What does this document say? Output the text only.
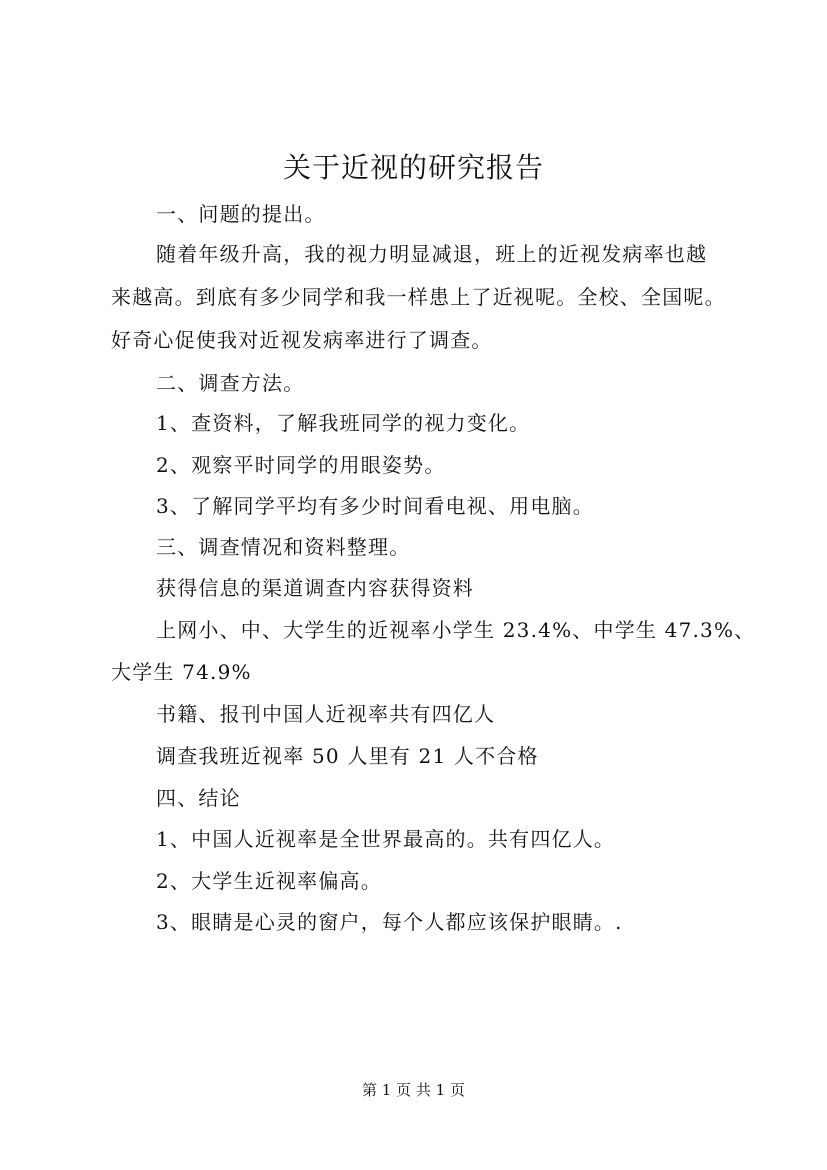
关于近视的研究报告
一、问题的提出。
随着年级升高，我的视力明显减退，班上的近视发病率也越
来越高。到底有多少同学和我一样患上了近视呢。全校、全国呢。
好奇心促使我对近视发病率进行了调查。
二、调查方法。
1、查资料，了解我班同学的视力变化。
2、观察平时同学的用眼姿势。
3、了解同学平均有多少时间看电视、用电脑。
三、调查情况和资料整理。
获得信息的渠道调查内容获得资料
上网小、中、大学生的近视率小学生 23.4%、中学生 47.3%、
大学生 74.9%
书籍、报刊中国人近视率共有四亿人
调查我班近视率 50 人里有 21 人不合格
四、结论
1、中国人近视率是全世界最高的。共有四亿人。
2、大学生近视率偏高。
3、眼睛是心灵的窗户，每个人都应该保护眼睛。.
第 1 页 共 1 页
